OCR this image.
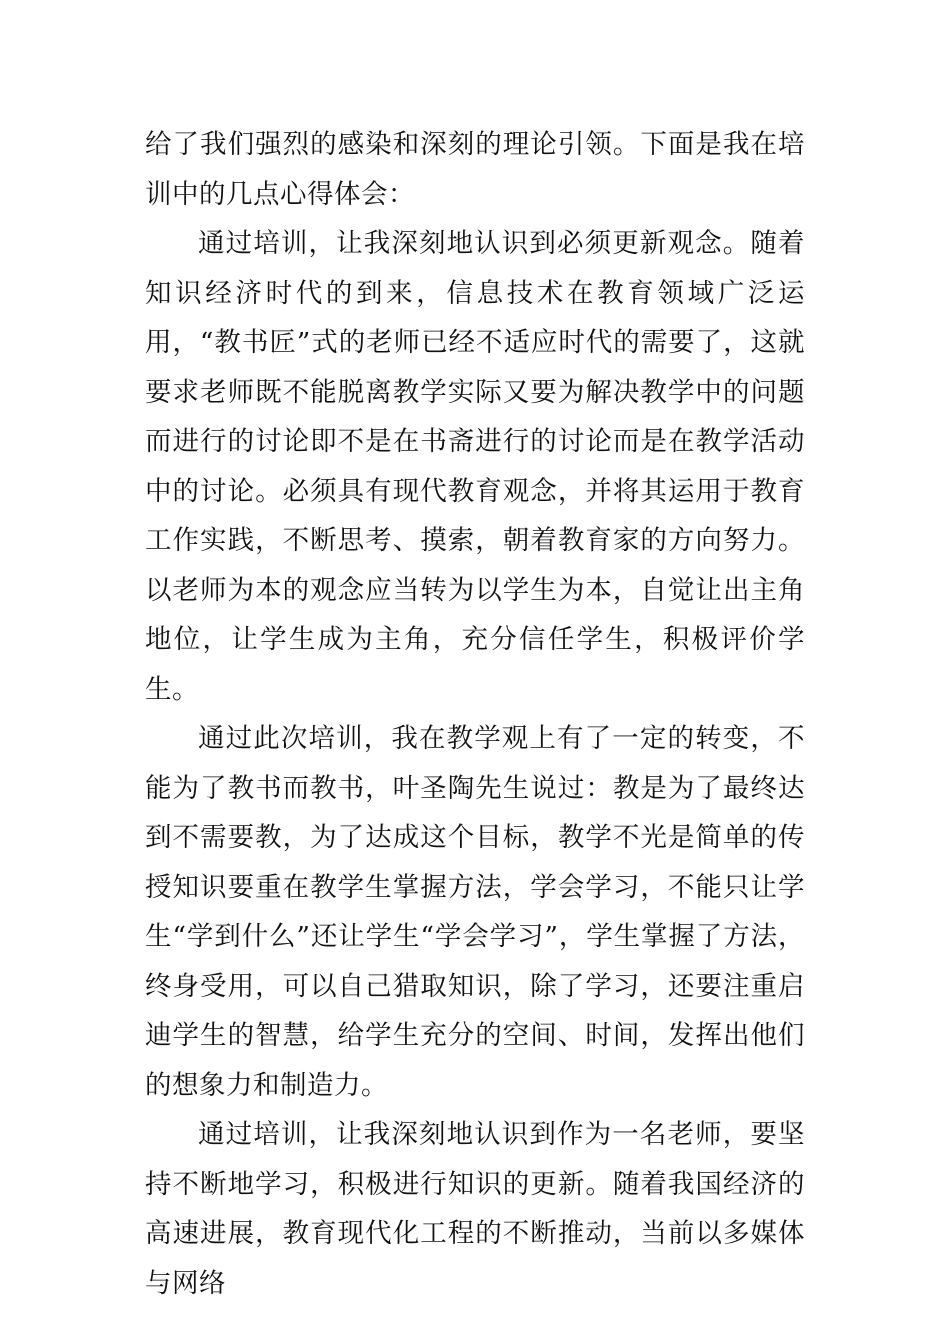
给了我们强烈的感染和深刻的理论引领。下面是我在培训中的几点心得体会：

通过培训，让我深刻地认识到必须更新观念。随着知识经济时代的到来，信息技术在教育领域广泛运用，“教书匠”式的老师已经不适应时代的需要了，这就要求老师既不能脱离教学实际又要为解决教学中的问题而进行的讨论即不是在书斋进行的讨论而是在教学活动中的讨论。必须具有现代教育观念，并将其运用于教育工作实践，不断思考、摸索，朝着教育家的方向努力。以老师为本的观念应当转为以学生为本，自觉让出主角地位，让学生成为主角，充分信任学生，积极评价学生。

通过此次培训，我在教学观上有了一定的转变，不能为了教书而教书，叶圣陶先生说过：教是为了最终达到不需要教，为了达成这个目标，教学不光是简单的传授知识要重在教学生掌握方法，学会学习，不能只让学生“学到什么”还让学生“学会学习”，学生掌握了方法，终身受用，可以自己猎取知识，除了学习，还要注重启迪学生的智慧，给学生充分的空间、时间，发挥出他们的想象力和制造力。

通过培训，让我深刻地认识到作为一名老师，要坚持不断地学习，积极进行知识的更新。随着我国经济的高速进展，教育现代化工程的不断推动，当前以多媒体与网络
